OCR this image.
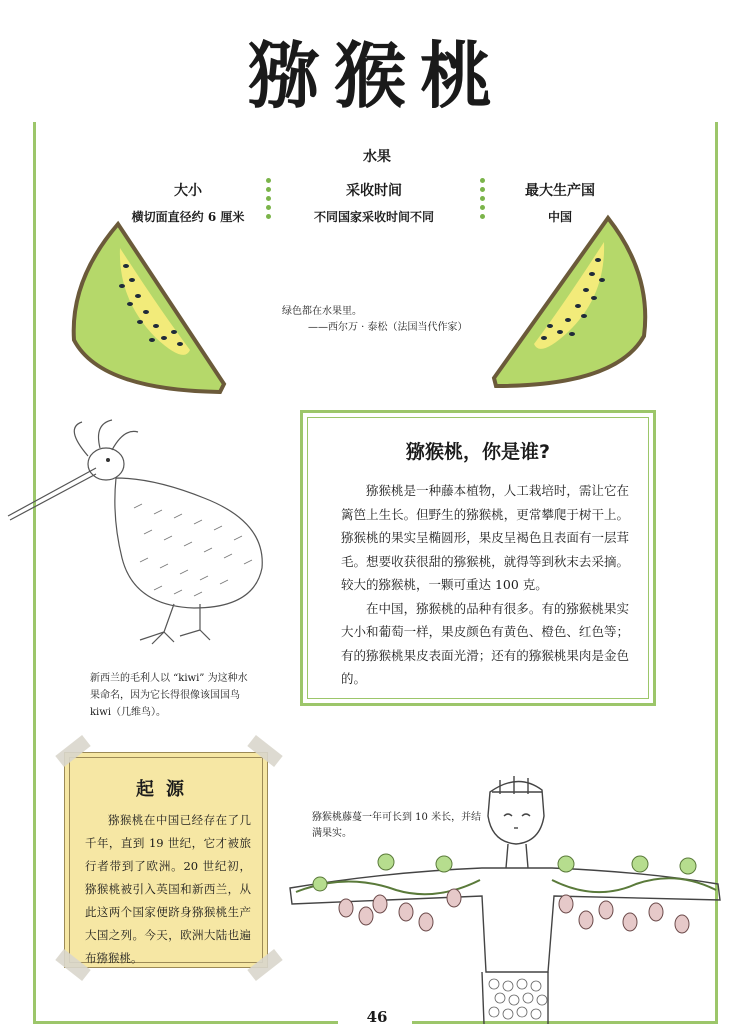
猕猴桃
水果
大小
横切面直径约 6 厘米
采收时间
不同国家采收时间不同
最大生产国
中国
绿色都在水果里。
——西尔万 · 泰松（法国当代作家）
新西兰的毛利人以 “kiwi” 为这种水果命名，因为它长得很像该国国鸟 kiwi（几维鸟）。
猕猴桃，你是谁?

猕猴桃是一种藤本植物，人工栽培时，需让它在篱笆上生长。但野生的猕猴桃，更常攀爬于树干上。猕猴桃的果实呈椭圆形，果皮呈褐色且表面有一层茸毛。想要收获很甜的猕猴桃，就得等到秋末去采摘。较大的猕猴桃，一颗可重达 100 克。

在中国，猕猴桃的品种有很多。有的猕猴桃果实大小和葡萄一样，果皮颜色有黄色、橙色、红色等；有的猕猴桃果皮表面光滑；还有的猕猴桃果肉是金色的。

起源

猕猴桃在中国已经存在了几千年，直到 19 世纪，它才被旅行者带到了欧洲。20 世纪初，猕猴桃被引入英国和新西兰，从此这两个国家便跻身猕猴桃生产大国之列。今天，欧洲大陆也遍布猕猴桃。

猕猴桃藤蔓一年可长到 10 米长，并结满果实。
46
